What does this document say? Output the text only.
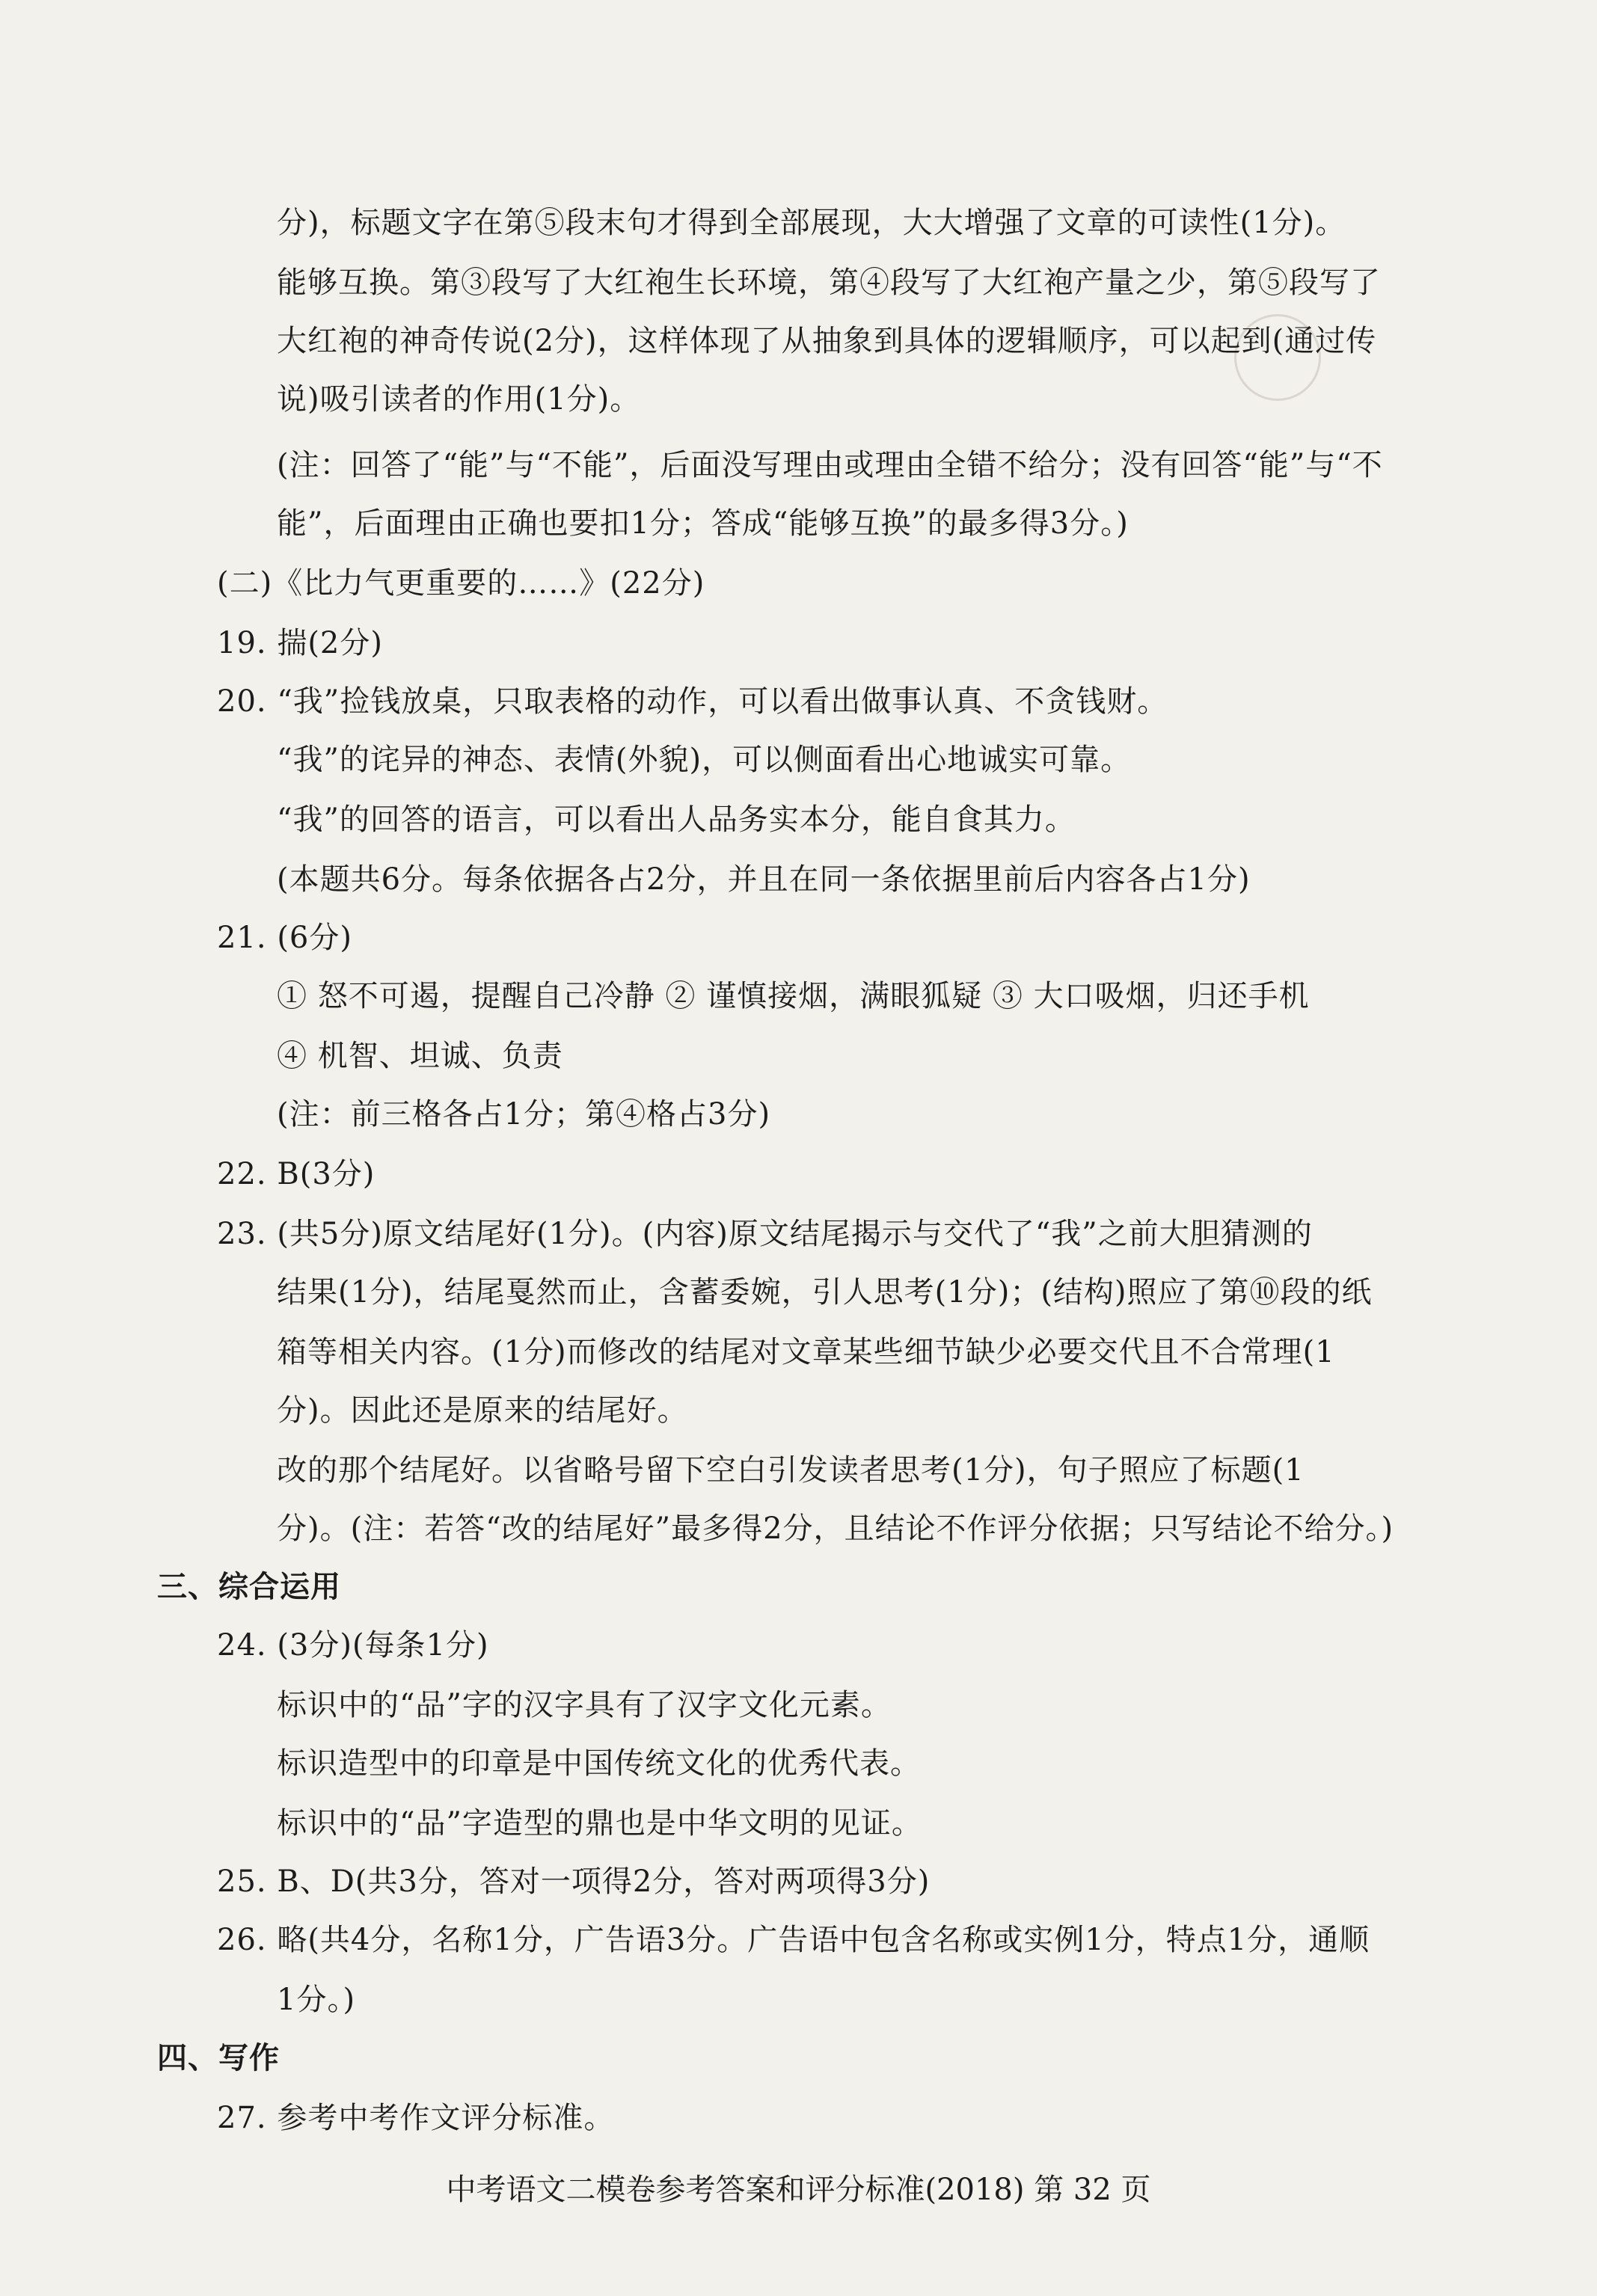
分)，标题文字在第⑤段末句才得到全部展现，大大增强了文章的可读性(1分)。
能够互换。第③段写了大红袍生长环境，第④段写了大红袍产量之少，第⑤段写了
大红袍的神奇传说(2分)，这样体现了从抽象到具体的逻辑顺序，可以起到(通过传
说)吸引读者的作用(1分)。
(注：回答了“能”与“不能”，后面没写理由或理由全错不给分；没有回答“能”与“不
能”，后面理由正确也要扣1分；答成“能够互换”的最多得3分。)
(二)《比力气更重要的……》(22分)
19. 揣(2分)
20. “我”捡钱放桌，只取表格的动作，可以看出做事认真、不贪钱财。
“我”的诧异的神态、表情(外貌)，可以侧面看出心地诚实可靠。
“我”的回答的语言，可以看出人品务实本分，能自食其力。
(本题共6分。每条依据各占2分，并且在同一条依据里前后内容各占1分)
21. (6分)
① 怒不可遏，提醒自己冷静 ② 谨慎接烟，满眼狐疑 ③ 大口吸烟，归还手机
④ 机智、坦诚、负责
(注：前三格各占1分；第④格占3分)
22. B(3分)
23. (共5分)原文结尾好(1分)。(内容)原文结尾揭示与交代了“我”之前大胆猜测的
结果(1分)，结尾戛然而止，含蓄委婉，引人思考(1分)；(结构)照应了第⑩段的纸
箱等相关内容。(1分)而修改的结尾对文章某些细节缺少必要交代且不合常理(1
分)。因此还是原来的结尾好。
改的那个结尾好。以省略号留下空白引发读者思考(1分)，句子照应了标题(1
分)。(注：若答“改的结尾好”最多得2分，且结论不作评分依据；只写结论不给分。)
三、综合运用
24. (3分)(每条1分)
标识中的“品”字的汉字具有了汉字文化元素。
标识造型中的印章是中国传统文化的优秀代表。
标识中的“品”字造型的鼎也是中华文明的见证。
25. B、D(共3分，答对一项得2分，答对两项得3分)
26. 略(共4分，名称1分，广告语3分。广告语中包含名称或实例1分，特点1分，通顺
1分。)
四、写作
27. 参考中考作文评分标准。
中考语文二模卷参考答案和评分标准(2018) 第 32 页
